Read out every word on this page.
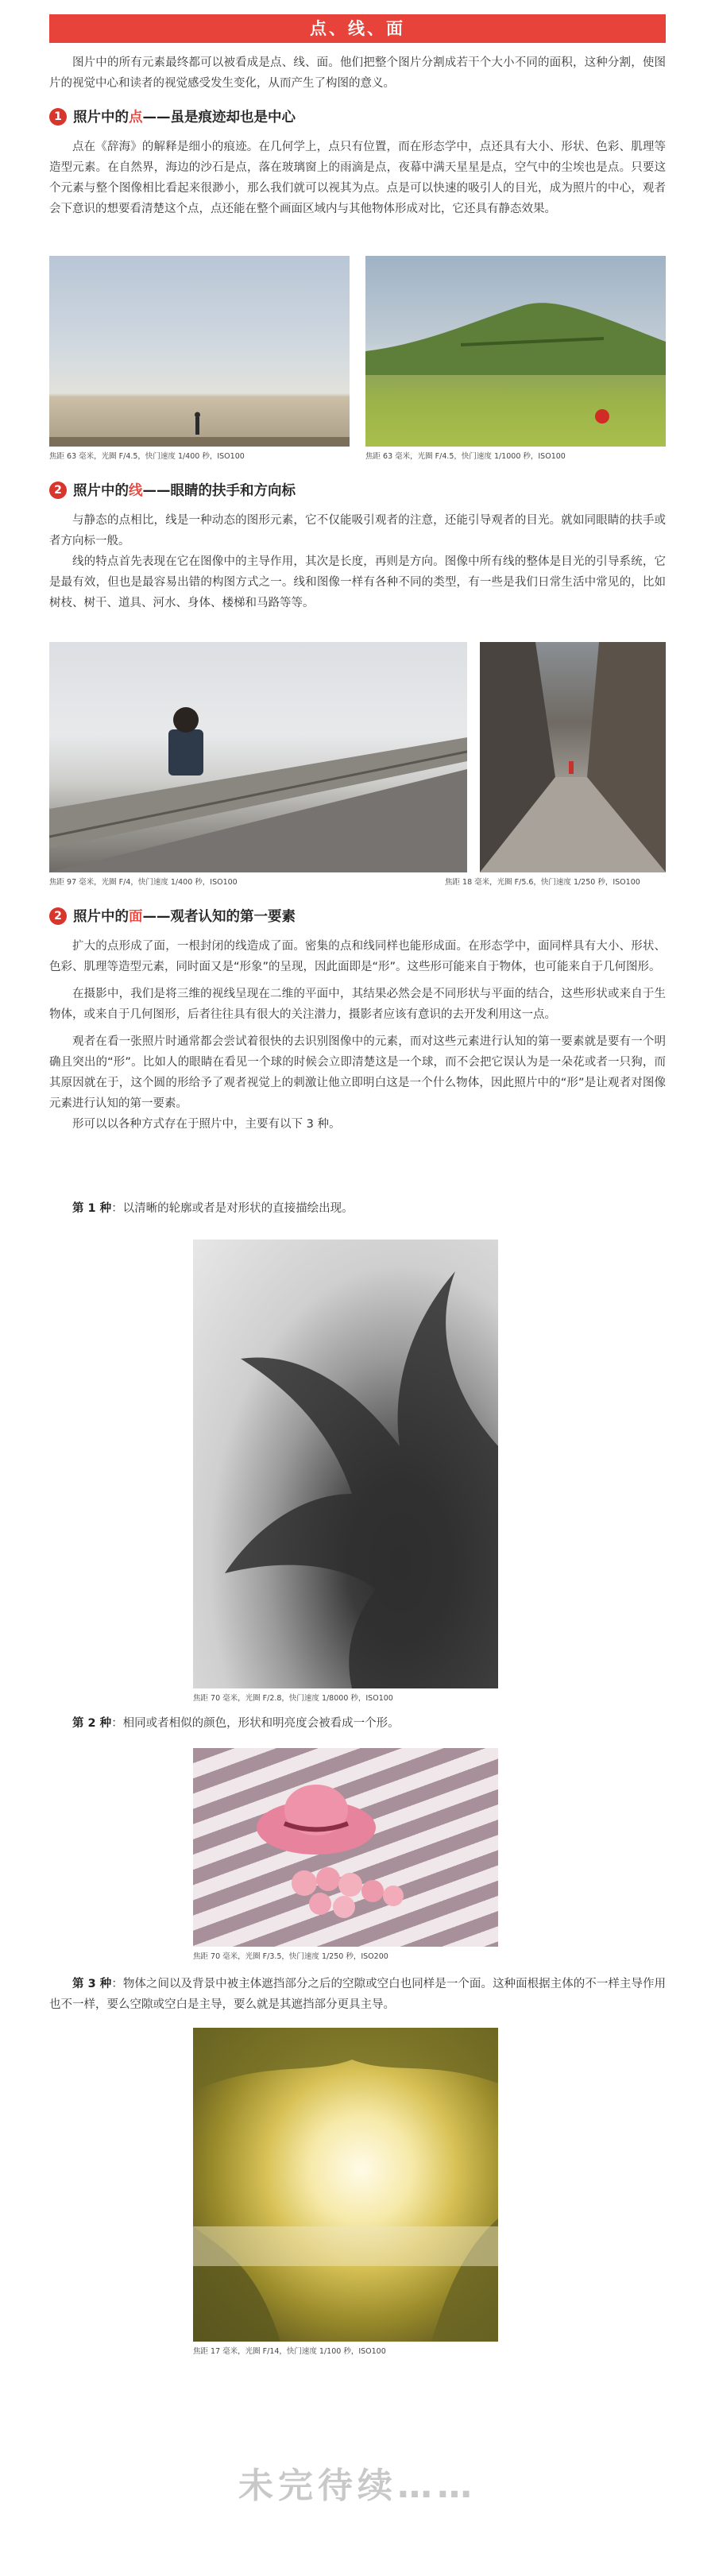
点、线、面

图片中的所有元素最终都可以被看成是点、线、面。他们把整个图片分割成若干个大小不同的面积，这种分割，使图片的视觉中心和读者的视觉感受发生变化，从而产生了构图的意义。

1 照片中的点——虽是痕迹却也是中心

点在《辞海》的解释是细小的痕迹。在几何学上，点只有位置，而在形态学中，点还具有大小、形状、色彩、肌理等造型元素。在自然界，海边的沙石是点，落在玻璃窗上的雨滴是点，夜幕中满天星星是点，空气中的尘埃也是点。只要这个元素与整个图像相比看起来很渺小，那么我们就可以视其为点。点是可以快速的吸引人的目光，成为照片的中心，观者会下意识的想要看清楚这个点，点还能在整个画面区域内与其他物体形成对比，它还具有静态效果。

焦距 63 毫米，光圈 F/4.5，快门速度 1/400 秒，ISO100	焦距 63 毫米，光圈 F/4.5，快门速度 1/1000 秒，ISO100
2 照片中的线——眼睛的扶手和方向标

与静态的点相比，线是一种动态的图形元素，它不仅能吸引观者的注意，还能引导观者的目光。就如同眼睛的扶手或者方向标一般。

线的特点首先表现在它在图像中的主导作用，其次是长度，再则是方向。图像中所有线的整体是目光的引导系统，它是最有效，但也是最容易出错的构图方式之一。线和图像一样有各种不同的类型，有一些是我们日常生活中常见的，比如树枝、树干、道具、河水、身体、楼梯和马路等等。

焦距 97 毫米，光圈 F/4，快门速度 1/400 秒，ISO100	焦距 18 毫米，光圈 F/5.6，快门速度 1/250 秒，ISO100
2 照片中的面——观者认知的第一要素

扩大的点形成了面，一根封闭的线造成了面。密集的点和线同样也能形成面。在形态学中，面同样具有大小、形状、色彩、肌理等造型元素，同时面又是“形象”的呈现，因此面即是“形”。这些形可能来自于物体，也可能来自于几何图形。

在摄影中，我们是将三维的视线呈现在二维的平面中，其结果必然会是不同形状与平面的结合，这些形状或来自于生物体，或来自于几何图形，后者往往具有很大的关注潜力，摄影者应该有意识的去开发利用这一点。

观者在看一张照片时通常都会尝试着很快的去识别图像中的元素，而对这些元素进行认知的第一要素就是要有一个明确且突出的“形”。比如人的眼睛在看见一个球的时候会立即清楚这是一个球，而不会把它误认为是一朵花或者一只狗，而其原因就在于，这个圆的形给予了观者视觉上的刺激让他立即明白这是一个什么物体，因此照片中的“形”是让观者对图像元素进行认知的第一要素。

形可以以各种方式存在于照片中，主要有以下 3 种。

第 1 种：以清晰的轮廓或者是对形状的直接描绘出现。

焦距 70 毫米，光圈 F/2.8，快门速度 1/8000 秒，ISO100

第 2 种：相同或者相似的颜色，形状和明亮度会被看成一个形。

焦距 70 毫米，光圈 F/3.5，快门速度 1/250 秒，ISO200

第 3 种：物体之间以及背景中被主体遮挡部分之后的空隙或空白也同样是一个面。这种面根据主体的不一样主导作用也不一样，要么空隙或空白是主导，要么就是其遮挡部分更具主导。

焦距 17 毫米，光圈 F/14，快门速度 1/100 秒，ISO100
未完待续……
